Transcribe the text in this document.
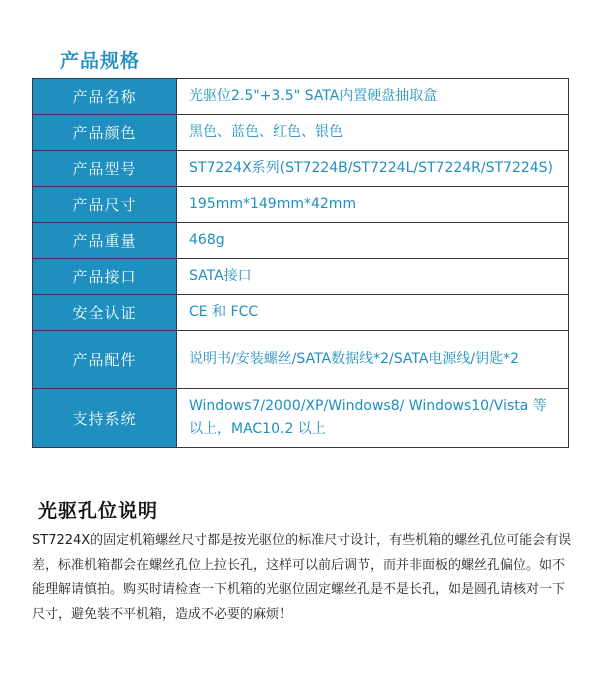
产品规格
产品名称	光驱位2.5"+3.5" SATA内置硬盘抽取盒
产品颜色	黑色、蓝色、红色、银色
产品型号	ST7224X系列(ST7224B/ST7224L/ST7224R/ST7224S)
产品尺寸	195mm*149mm*42mm
产品重量	468g
产品接口	SATA接口
安全认证	CE 和 FCC
产品配件	说明书/安装螺丝/SATA数据线*2/SATA电源线/钥匙*2
支持系统	Windows7/2000/XP/Windows8/ Windows10/Vista 等以上，MAC10.2 以上
光驱孔位说明

ST7224X的固定机箱螺丝尺寸都是按光驱位的标准尺寸设计，有些机箱的螺丝孔位可能会有误差，标准机箱都会在螺丝孔位上拉长孔，这样可以前后调节，而并非面板的螺丝孔偏位。如不能理解请慎拍。购买时请检查一下机箱的光驱位固定螺丝孔是不是长孔，如是圆孔请核对一下尺寸，避免装不平机箱，造成不必要的麻烦！
